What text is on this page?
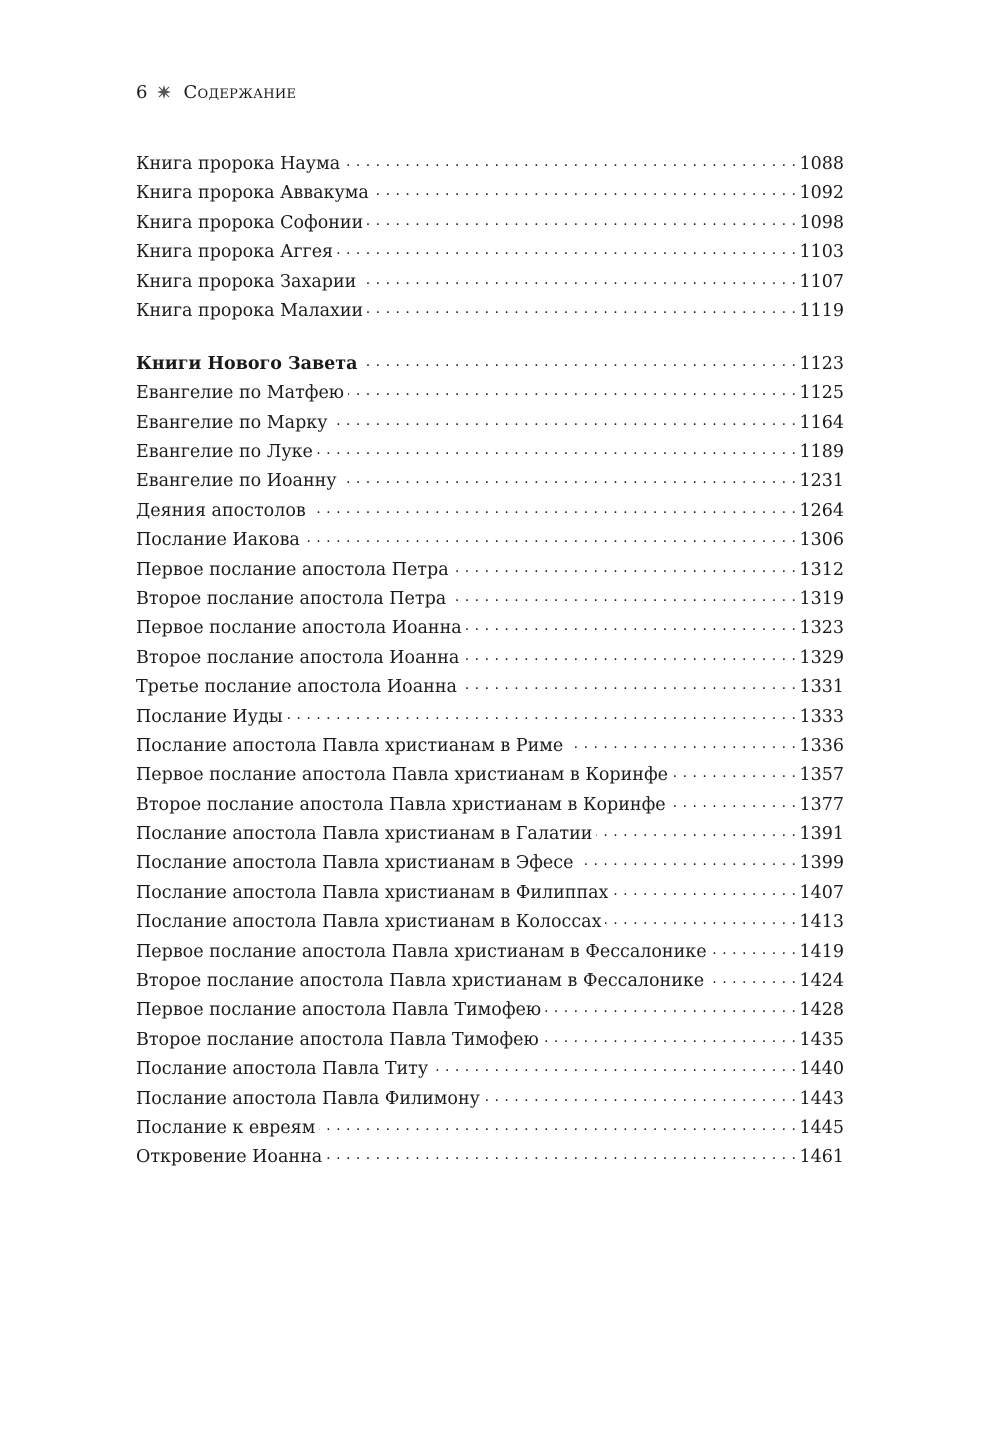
6 Содержание
Книга пророка Наума . . .	1088
Книга пророка Аввакума . . .	1092
Книга пророка Софонии . . .	1098
Книга пророка Аггея . . .	1103
Книга пророка Захарии . . .	1107
Книга пророка Малахии . . .	1119
Книги Нового Завета . . .	1123
Евангелие по Матфею . . .	1125
Евангелие по Марку . . .	1164
Евангелие по Луке . . .	1189
Евангелие по Иоанну . . .	1231
Деяния апостолов . . .	1264
Послание Иакова . . .	1306
Первое послание апостола Петра . . .	1312
Второе послание апостола Петра . . .	1319
Первое послание апостола Иоанна . . .	1323
Второе послание апостола Иоанна . . .	1329
Третье послание апостола Иоанна . . .	1331
Послание Иуды . . .	1333
Послание апостола Павла христианам в Риме . . .	1336
Первое послание апостола Павла христианам в Коринфе . . .	1357
Второе послание апостола Павла христианам в Коринфе . . .	1377
Послание апостола Павла христианам в Галатии . . .	1391
Послание апостола Павла христианам в Эфесе . . .	1399
Послание апостола Павла христианам в Филиппах . . .	1407
Послание апостола Павла христианам в Колоссах . . .	1413
Первое послание апостола Павла христианам в Фессалонике . . .	1419
Второе послание апостола Павла христианам в Фессалонике . . .	1424
Первое послание апостола Павла Тимофею . . .	1428
Второе послание апостола Павла Тимофею . . .	1435
Послание апостола Павла Титу . . .	1440
Послание апостола Павла Филимону . . .	1443
Послание к евреям . . .	1445
Откровение Иоанна . . .	1461
